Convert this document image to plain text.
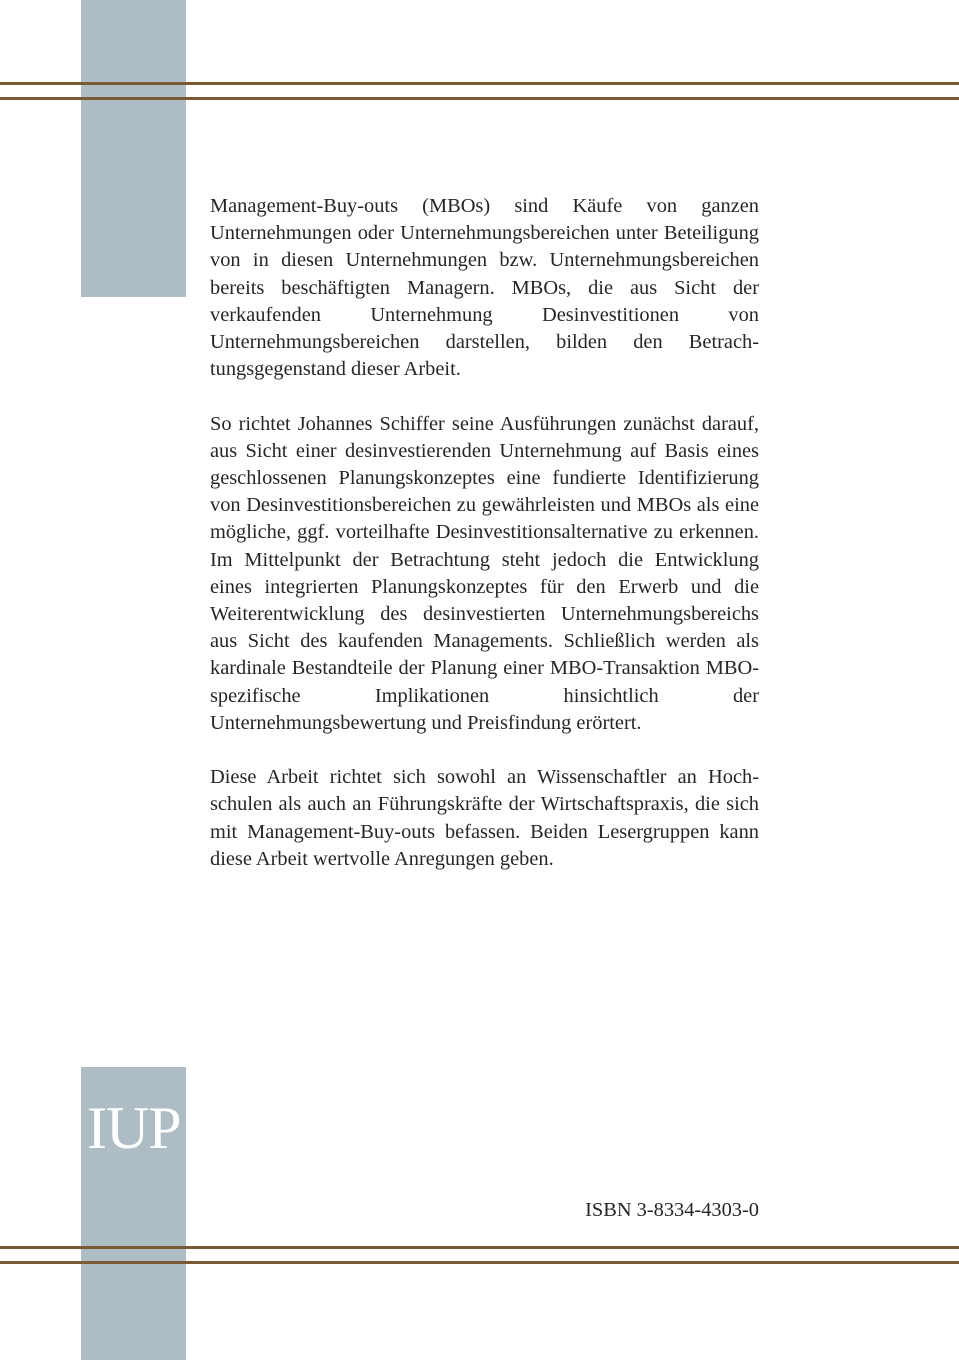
Management-Buy-outs (MBOs) sind Käufe von ganzen Unternehmungen oder Unternehmungsbereichen unter Beteiligung von in diesen Unternehmungen bzw. Unternehmungsbereichen bereits beschäftigten Managern. MBOs, die aus Sicht der verkaufenden Unternehmung Desinvestitionen von Unternehmungsbereichen darstellen, bilden den Betrachtungsgegenstand dieser Arbeit.

So richtet Johannes Schiffer seine Ausführungen zunächst darauf, aus Sicht einer desinvestierenden Unternehmung auf Basis eines geschlossenen Planungskonzeptes eine fundierte Identifizierung von Desinvestitionsbereichen zu gewährleisten und MBOs als eine mögliche, ggf. vorteilhafte Desinvestitionsalternative zu erkennen. Im Mittelpunkt der Betrachtung steht jedoch die Entwicklung eines integrierten Planungskonzeptes für den Erwerb und die Weiterentwicklung des desinvestierten Unternehmungsbereichs aus Sicht des kaufenden Managements. Schließlich werden als kardinale Bestandteile der Planung einer MBO-Transaktion MBO-spezifische Implikationen hinsichtlich der Unternehmungsbewertung und Preisfindung erörtert.

Diese Arbeit richtet sich sowohl an Wissenschaftler an Hochschulen als auch an Führungskräfte der Wirtschaftspraxis, die sich mit Management-Buy-outs befassen. Beiden Lesergruppen kann diese Arbeit wertvolle Anregungen geben.

IUP
ISBN 3-8334-4303-0
